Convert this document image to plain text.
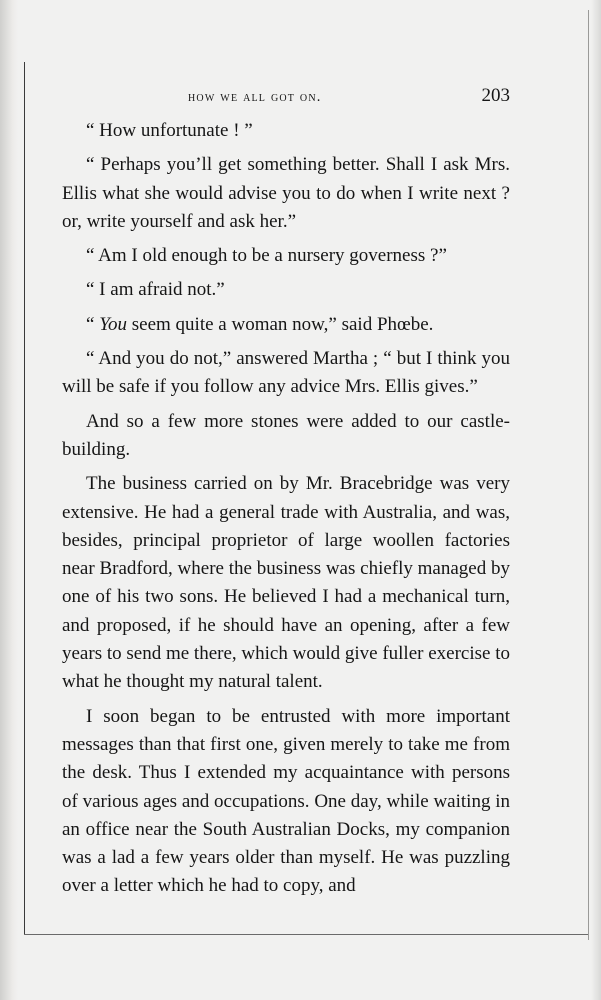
how we all got on.	203

“ How unfortunate ! ”

“ Perhaps you’ll get something better. Shall I ask Mrs. Ellis what she would advise you to do when I write next ? or, write yourself and ask her.”

“ Am I old enough to be a nursery governess ?”

“ I am afraid not.”

“ You seem quite a woman now,” said Phœbe.

“ And you do not,” answered Martha ; “ but I think you will be safe if you follow any advice Mrs. Ellis gives.”

And so a few more stones were added to our castle-building.

The business carried on by Mr. Bracebridge was very extensive. He had a general trade with Australia, and was, besides, principal proprietor of large woollen factories near Bradford, where the business was chiefly managed by one of his two sons. He believed I had a mechanical turn, and proposed, if he should have an opening, after a few years to send me there, which would give fuller exercise to what he thought my natural talent.

I soon began to be entrusted with more important messages than that first one, given merely to take me from the desk. Thus I extended my acquaintance with persons of various ages and occupations. One day, while waiting in an office near the South Australian Docks, my companion was a lad a few years older than myself. He was puzzling over a letter which he had to copy, and
